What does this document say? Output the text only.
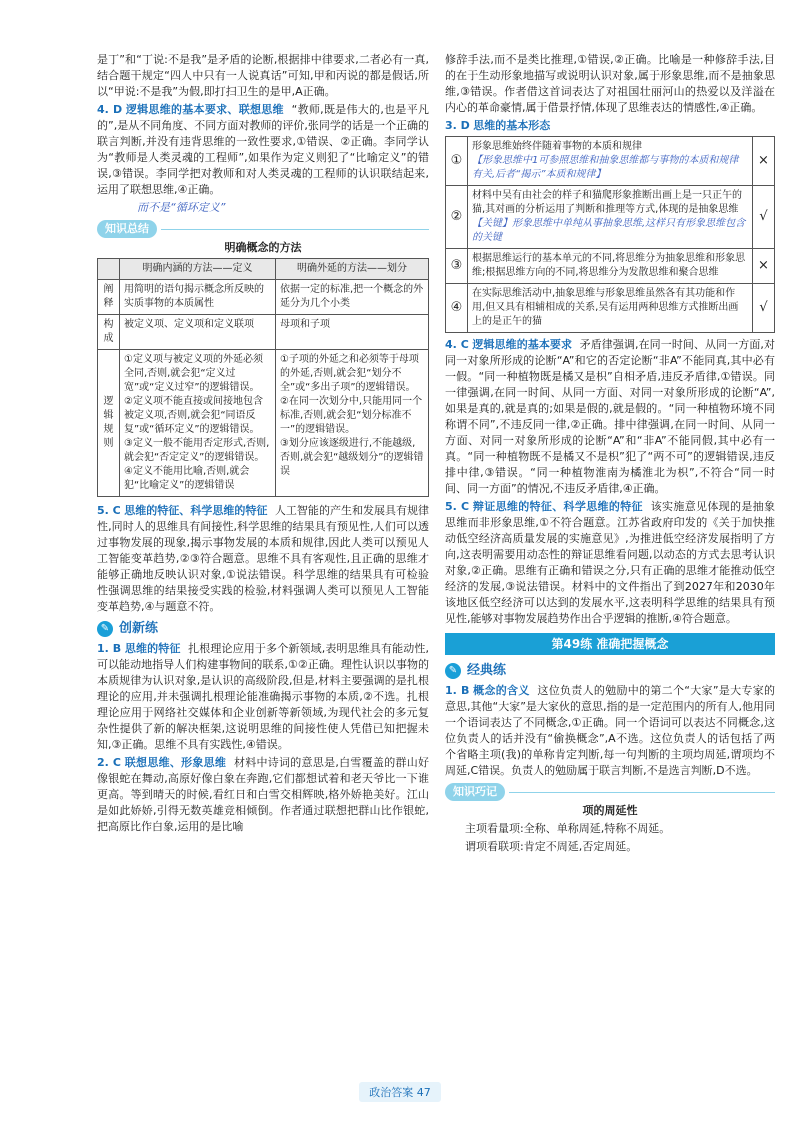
是丁”和“丁说:不是我”是矛盾的论断,根据排中律要求,二者必有一真,结合题干规定“四人中只有一人说真话”可知,甲和丙说的都是假话,所以“甲说:不是我”为假,即打扫卫生的是甲,A正确。

4. D 逻辑思维的基本要求、联想思维 “教师,既是伟大的,也是平凡的”,是从不同角度、不同方面对教师的评价,张同学的话是一个正确的联言判断,并没有违背思维的一致性要求,①错误、②正确。李同学认为“教师是人类灵魂的工程师”,如果作为定义则犯了“比喻定义”的错误,③错误。李同学把对教师和对人类灵魂的工程师的认识联结起来,运用了联想思维,④正确。

而不是“循环定义”

知识总结
明确概念的方法
	明确内涵的方法——定义	明确外延的方法——划分
阐释	用简明的语句揭示概念所反映的实质事物的本质属性	依据一定的标准,把一个概念的外延分为几个小类
构成	被定义项、定义项和定义联项	母项和子项
逻辑规则	①定义项与被定义项的外延必须全同,否则,就会犯“定义过宽”或“定义过窄”的逻辑错误。
②定义项不能直接或间接地包含被定义项,否则,就会犯“同语反复”或“循环定义”的逻辑错误。
③定义一般不能用否定形式,否则,就会犯“否定定义”的逻辑错误。
④定义不能用比喻,否则,就会犯“比喻定义”的逻辑错误	①子项的外延之和必须等于母项的外延,否则,就会犯“划分不全”或“多出子项”的逻辑错误。
②在同一次划分中,只能用同一个标准,否则,就会犯“划分标准不一”的逻辑错误。
③划分应该逐级进行,不能越级,否则,就会犯“越级划分”的逻辑错误

5. C 思维的特征、科学思维的特征 人工智能的产生和发展具有规律性,同时人的思维具有间接性,科学思维的结果具有预见性,人们可以透过事物发展的现象,揭示事物发展的本质和规律,因此人类可以预见人工智能变革趋势,②③符合题意。思维不具有客观性,且正确的思维才能够正确地反映认识对象,①说法错误。科学思维的结果具有可检验性强调思维的结果接受实践的检验,材料强调人类可以预见人工智能变革趋势,④与题意不符。

✎ 创新练

1. B 思维的特征 扎根理论应用于多个新领域,表明思维具有能动性,可以能动地指导人们构建事物间的联系,①②正确。理性认识以事物的本质规律为认识对象,是认识的高级阶段,但是,材料主要强调的是扎根理论的应用,并未强调扎根理论能准确揭示事物的本质,②不选。扎根理论应用于网络社交媒体和企业创新等新领域,为现代社会的多元复杂性提供了新的解决框架,这说明思维的间接性使人凭借已知把握未知,③正确。思维不具有实践性,④错误。

2. C 联想思维、形象思维 材料中诗词的意思是,白雪覆盖的群山好像银蛇在舞动,高原好像白象在奔跑,它们都想试着和老天爷比一下谁更高。等到晴天的时候,看红日和白雪交相辉映,格外娇艳美好。江山是如此娇娇,引得无数英雄竞相倾倒。作者通过联想把群山比作银蛇,把高原比作白象,运用的是比喻

修辞手法,而不是类比推理,①错误,②正确。比喻是一种修辞手法,目的在于生动形象地描写或说明认识对象,属于形象思维,而不是抽象思维,③错误。作者借这首词表达了对祖国壮丽河山的热爱以及洋溢在内心的革命豪情,属于借景抒情,体现了思维表达的情感性,④正确。

3. D 思维的基本形态

①	形象思维始终伴随着事物的本质和规律
【形象思维中1可参照思维和抽象思维都与事物的本质和规律有关,后者“揭示”本质和规律】	×
②	材料中吴有由社会的样子和猫爬形象推断出画上是一只正午的猫,其对画的分析运用了判断和推理等方式,体现的是抽象思维
【关键】形象思维中单纯从事抽象思维,这样只有形象思维包含的关键	√
③	根据思维运行的基本单元的不同,将思维分为抽象思维和形象思维;根据思维方向的不同,将思维分为发散思维和聚合思维	×
④	在实际思维活动中,抽象思维与形象思维虽然各有其功能和作用,但又具有相辅相成的关系,吴有运用两种思维方式推断出画上的是正午的猫	√

4. C 逻辑思维的基本要求 矛盾律强调,在同一时间、从同一方面,对同一对象所形成的论断“A”和它的否定论断“非A”不能同真,其中必有一假。“同一种植物既是橘又是枳”自相矛盾,违反矛盾律,①错误。同一律强调,在同一时间、从同一方面、对同一对象所形成的论断“A”,如果是真的,就是真的;如果是假的,就是假的。“同一种植物环境不同称谓不同”,不违反同一律,②正确。排中律强调,在同一时间、从同一方面、对同一对象所形成的论断“A”和“非A”不能同假,其中必有一真。“同一种植物既不是橘又不是枳”犯了“两不可”的逻辑错误,违反排中律,③错误。“同一种植物淮南为橘淮北为枳”,不符合“同一时间、同一方面”的情况,不违反矛盾律,④正确。

5. C 辩证思维的特征、科学思维的特征 该实施意见体现的是抽象思维而非形象思维,①不符合题意。江苏省政府印发的《关于加快推动低空经济高质量发展的实施意见》,为推进低空经济发展指明了方向,这表明需要用动态性的辩证思维看问题,以动态的方式去思考认识对象,②正确。思维有正确和错误之分,只有正确的思维才能推动低空经济的发展,③说法错误。材料中的文件指出了到2027年和2030年该地区低空经济可以达到的发展水平,这表明科学思维的结果具有预见性,能够对事物发展趋势作出合乎逻辑的推断,④符合题意。

第49练 准确把握概念
✎ 经典练

1. B 概念的含义 这位负责人的勉励中的第二个“大家”是大专家的意思,其他“大家”是大家伙的意思,指的是一定范围内的所有人,他用同一个语词表达了不同概念,①正确。同一个语词可以表达不同概念,这位负责人的话并没有“偷换概念”,A不选。这位负责人的话包括了两个省略主项(我)的单称肯定判断,每一句判断的主项均周延,谓项均不周延,C错误。负责人的勉励属于联言判断,不是选言判断,D不选。

知识巧记
项的周延性

主项看量项:全称、单称周延,特称不周延。

谓项看联项:肯定不周延,否定周延。

政治答案 47
